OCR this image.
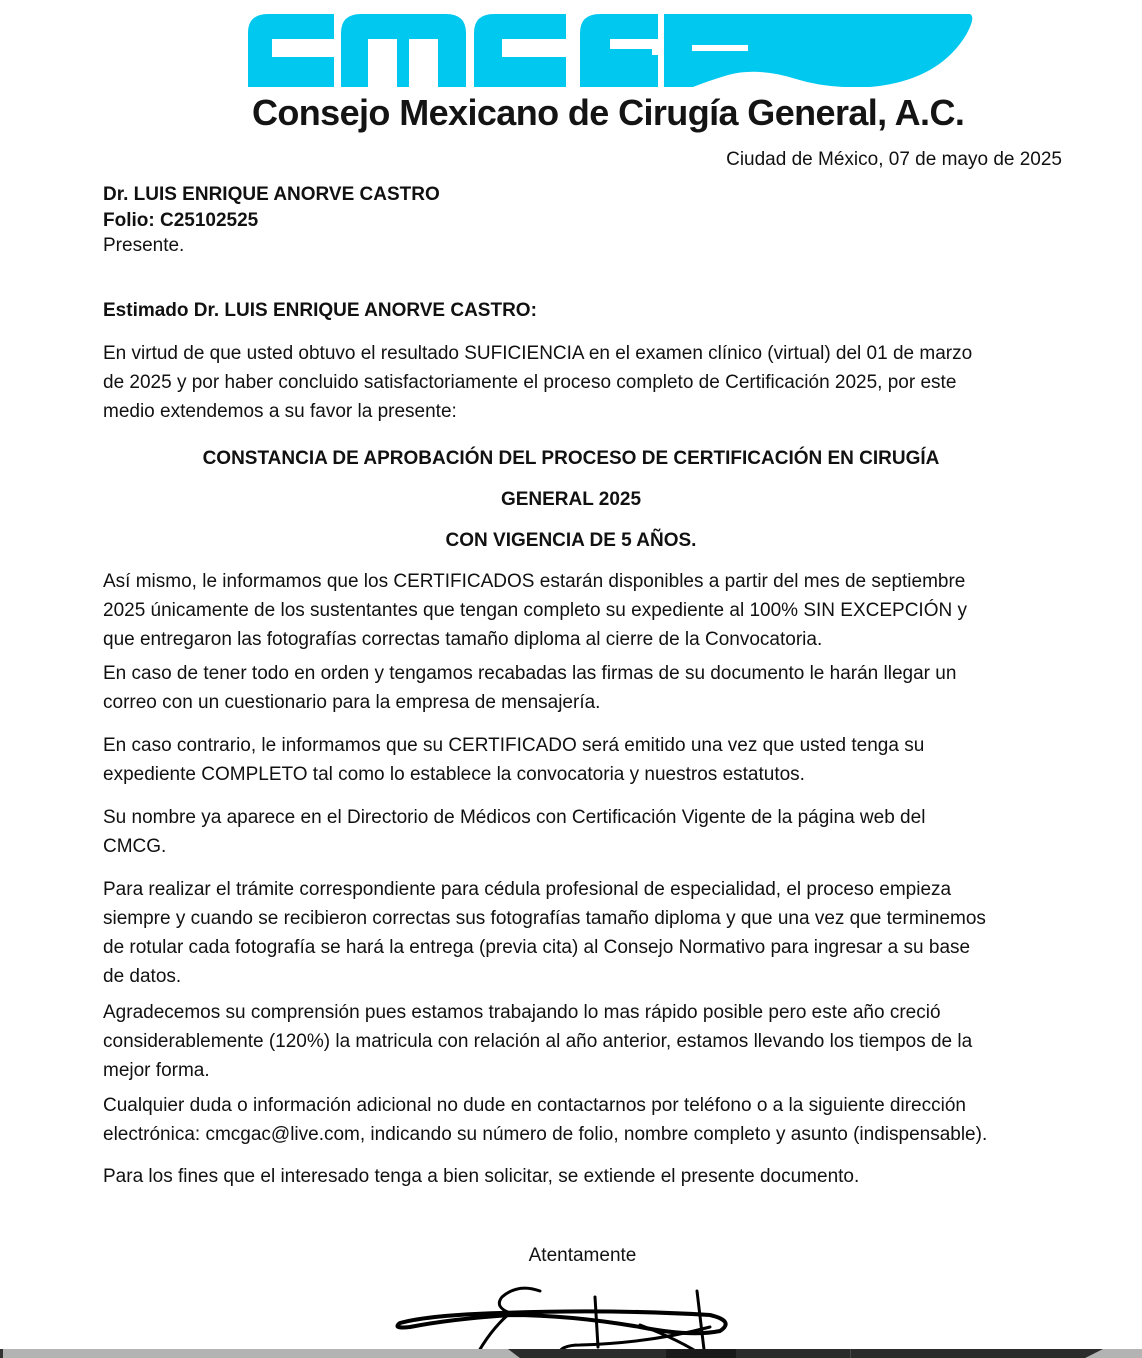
Consejo Mexicano de Cirugía General, A.C.
Ciudad de México, 07 de mayo de 2025
Dr. LUIS ENRIQUE ANORVE CASTRO
Folio: C25102525
Presente.
Estimado Dr. LUIS ENRIQUE ANORVE CASTRO:
En virtud de que usted obtuvo el resultado SUFICIENCIA en el examen clínico (virtual) del 01 de marzo
de 2025 y por haber concluido satisfactoriamente el proceso completo de Certificación 2025, por este
medio extendemos a su favor la presente:
CONSTANCIA DE APROBACIÓN DEL PROCESO DE CERTIFICACIÓN EN CIRUGÍA
GENERAL 2025
CON VIGENCIA DE 5 AÑOS.
Así mismo, le informamos que los CERTIFICADOS estarán disponibles a partir del mes de septiembre
2025 únicamente de los sustentantes que tengan completo su expediente al 100% SIN EXCEPCIÓN y
que entregaron las fotografías correctas tamaño diploma al cierre de la Convocatoria.
En caso de tener todo en orden y tengamos recabadas las firmas de su documento le harán llegar un
correo con un cuestionario para la empresa de mensajería.
En caso contrario, le informamos que su CERTIFICADO será emitido una vez que usted tenga su
expediente COMPLETO tal como lo establece la convocatoria y nuestros estatutos.
Su nombre ya aparece en el Directorio de Médicos con Certificación Vigente de la página web del
CMCG.
Para realizar el trámite correspondiente para cédula profesional de especialidad, el proceso empieza
siempre y cuando se recibieron correctas sus fotografías tamaño diploma y que una vez que terminemos
de rotular cada fotografía se hará la entrega (previa cita) al Consejo Normativo para ingresar a su base
de datos.
Agradecemos su comprensión pues estamos trabajando lo mas rápido posible pero este año creció
considerablemente (120%) la matricula con relación al año anterior, estamos llevando los tiempos de la
mejor forma.
Cualquier duda o información adicional no dude en contactarnos por teléfono o a la siguiente dirección
electrónica: cmcgac@live.com, indicando su número de folio, nombre completo y asunto (indispensable).
Para los fines que el interesado tenga a bien solicitar, se extiende el presente documento.
Atentamente
